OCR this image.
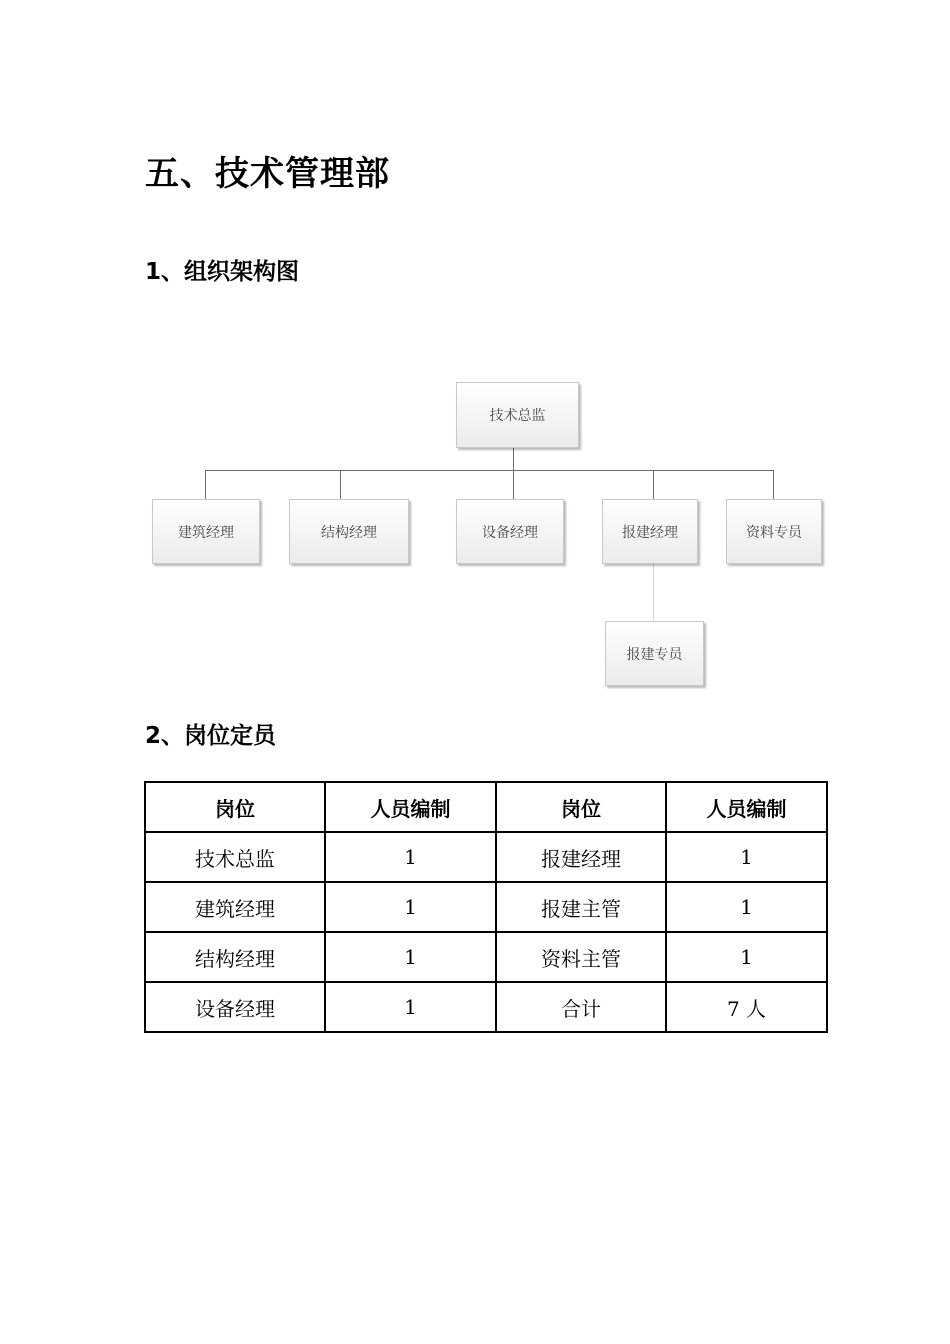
五、技术管理部
1、组织架构图
技术总监
建筑经理	结构经理	设备经理	报建经理	资料专员
报建专员
2、岗位定员
岗位	人员编制	岗位	人员编制
技术总监	1	报建经理	1
建筑经理	1	报建主管	1
结构经理	1	资料主管	1
设备经理	1	合计	7 人
